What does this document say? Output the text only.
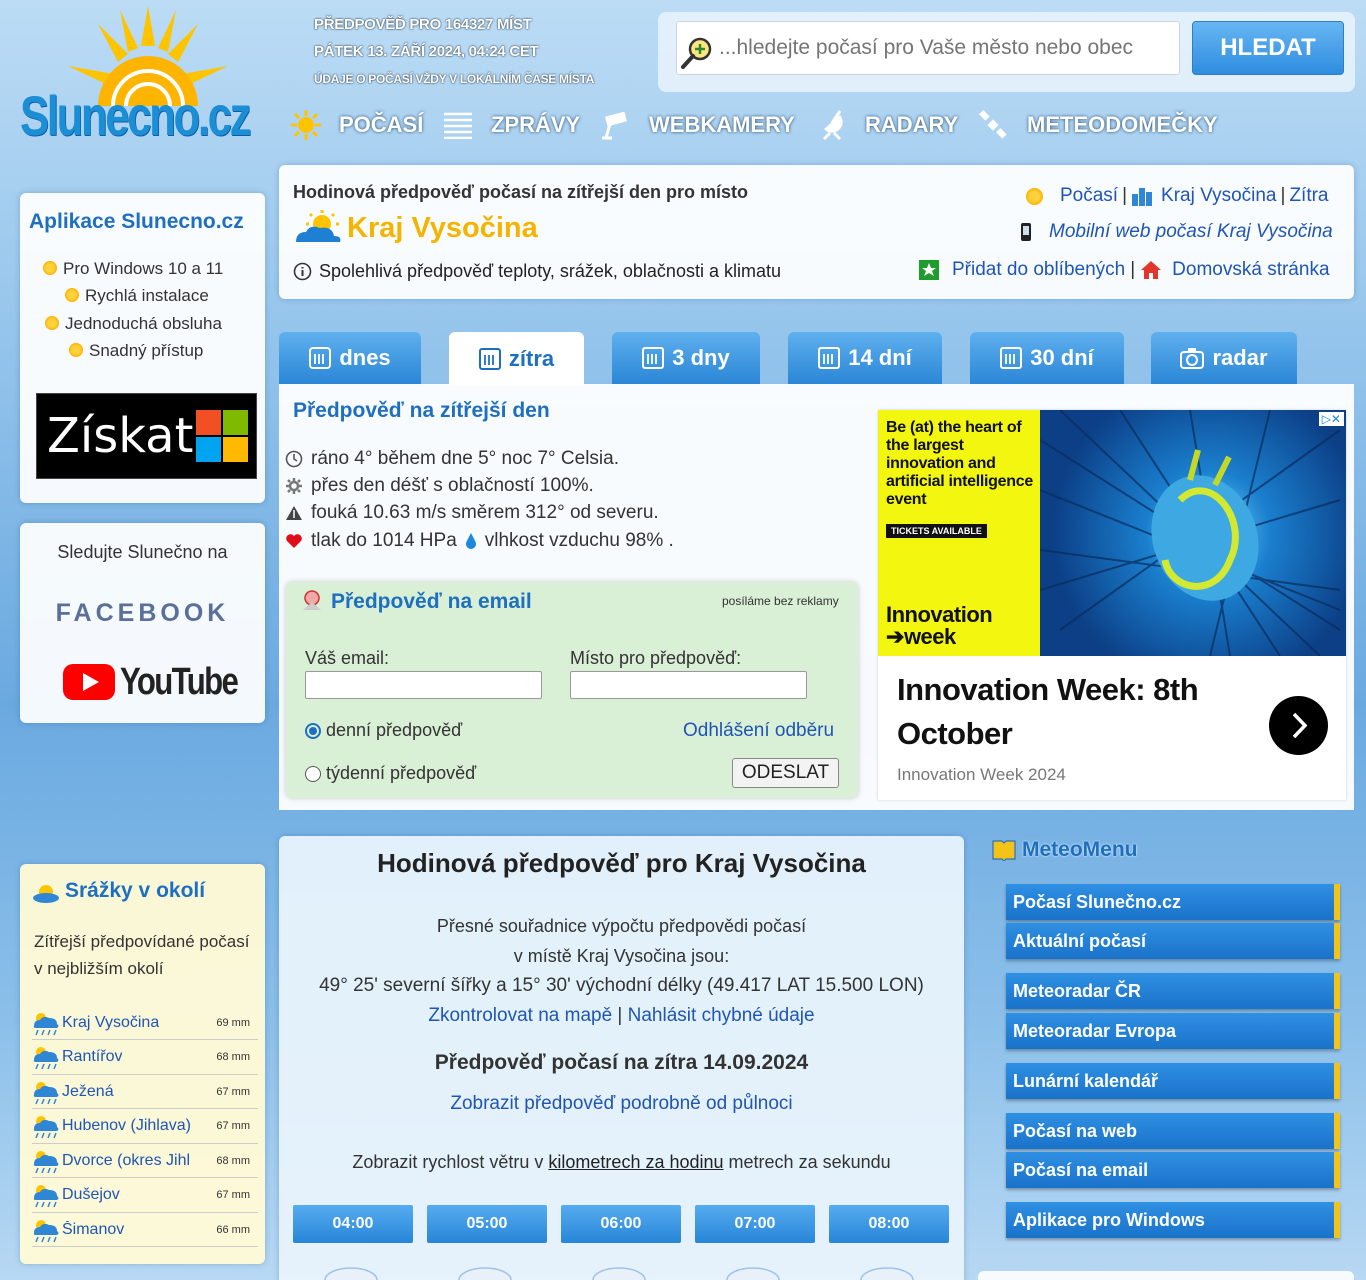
Slunecno.cz
PŘEDPOVĚĎ PRO 164327 MÍST
PÁTEK 13. ZÁŘÍ 2024, 04:24 CET
ÚDAJE O POČASÍ VŽDY V LOKÁLNÍM ČASE MÍSTA
...hledejte počasí pro Vaše město nebo obec
HLEDAT
POČASÍ	ZPRÁVY	WEBKAMERY	RADARY	METEODOMEČKY
Aplikace Slunecno.cz
Pro Windows 10 a 11
Rychlá instalace
Jednoduchá obsluha
Snadný přístup
Získat
Sledujte Slunečno na
FACEBOOK
YouTube
Srážky v okolí
Zítřejší předpovídané počasí v nejbližším okolí
Kraj Vysočina	69 mm
Rantířov	68 mm
Ježená	67 mm
Hubenov (Jihlava) 67 mm
Dvorce (okres Jihl 68 mm
Dušejov	67 mm
Šimanov	66 mm
Hodinová předpověď počasí na zítřejší den pro místo
Kraj Vysočina
Spolehlivá předpověď teploty, srážek, oblačnosti a klimatu
Počasí | Kraj Vysočina | Zítra
Mobilní web počasí Kraj Vysočina
Přidat do oblíbených | Domovská stránka
dnes	zítra	3 dny	14 dní	30 dní	radar
Předpověď na zítřejší den
ráno 4° během dne 5° noc 7° Celsia.
přes den déšť s oblačností 100%.
fouká 10.63 m/s směrem 312° od severu.
tlak do 1014 HPa vlhkost vzduchu 98% .
Předpověď na email	posíláme bez reklamy
Váš email:	Místo pro předpověď:
denní předpověď
týdenní předpověď
Odhlášení odběru
ODESLAT
Be (at) the heart of the largest innovation and artificial intelligence event
TICKETS AVAILABLE
Innovation
➔week
▷✕
Innovation Week: 8th October
Innovation Week 2024
Hodinová předpověď pro Kraj Vysočina
Přesné souřadnice výpočtu předpovědi počasí
v místě Kraj Vysočina jsou:
49° 25' severní šířky a 15° 30' východní délky (49.417 LAT 15.500 LON)
Zkontrolovat na mapě | Nahlásit chybné údaje
Předpověď počasí na zítra 14.09.2024
Zobrazit předpověď podrobně od půlnoci
Zobrazit rychlost větru v kilometrech za hodinu metrech za sekundu
04:00	05:00	06:00	07:00	08:00
MeteoMenu
Počasí Slunečno.cz
Aktuální počasí
Meteoradar ČR
Meteoradar Evropa
Lunární kalendář
Počasí na web
Počasí na email
Aplikace pro Windows
